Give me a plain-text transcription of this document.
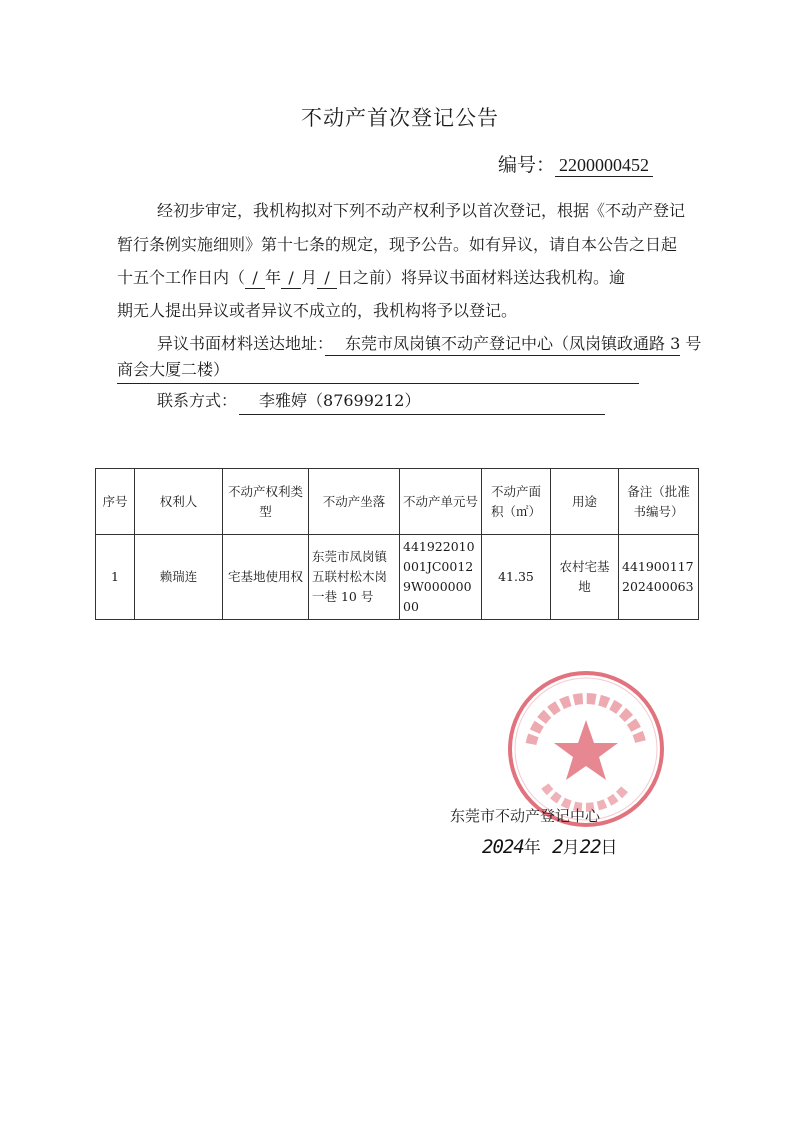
不动产首次登记公告
编号： 2200000452
经初步审定，我机构拟对下列不动产权利予以首次登记，根据《不动产登记
暂行条例实施细则》第十七条的规定，现予公告。如有异议，请自本公告之日起
十五个工作日内（ / 年 / 月 / 日之前）将异议书面材料送达我机构。逾
期无人提出异议或者异议不成立的，我机构将予以登记。
异议书面材料送达地址： 东莞市凤岗镇不动产登记中心（凤岗镇政通路 3 号
商会大厦二楼）
联系方式： 李雅婷（87699212）
序号	权利人	不动产权利类型	不动产坐落	不动产单元号	不动产面积（㎡）	用途	备注（批准书编号）
1	赖瑞连	宅基地使用权	东莞市凤岗镇五联村松木岗一巷 10 号	441922010001JC00129W00000000	41.35	农村宅基地	441900117202400063
东莞市不动产登记中心
2024年 2月22日
